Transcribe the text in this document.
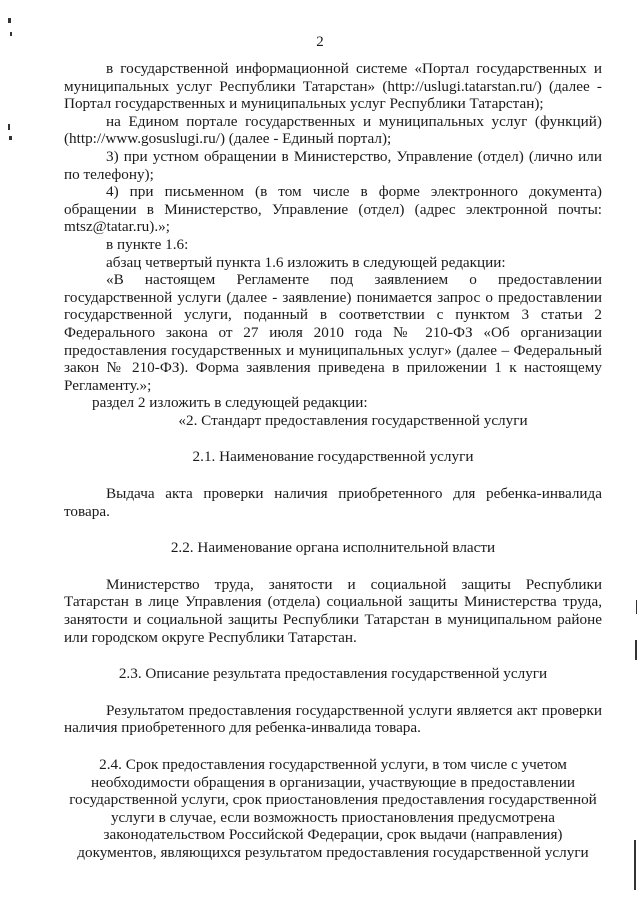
2

в государственной информационной системе «Портал государственных и муниципальных услуг Республики Татарстан» (http://uslugi.tatarstan.ru/) (далее - Портал государственных и муниципальных услуг Республики Татарстан);

на Едином портале государственных и муниципальных услуг (функций) (http://www.gosuslugi.ru/) (далее - Единый портал);

3) при устном обращении в Министерство, Управление (отдел) (лично или по телефону);

4) при письменном (в том числе в форме электронного документа) обращении в Министерство, Управление (отдел) (адрес электронной почты: mtsz@tatar.ru).»;

в пункте 1.6:

абзац четвертый пункта 1.6 изложить в следующей редакции:

«В настоящем Регламенте под заявлением о предоставлении государственной услуги (далее - заявление) понимается запрос о предоставлении государственной услуги, поданный в соответствии с пунктом 3 статьи 2 Федерального закона от 27 июля 2010 года № 210-ФЗ «Об организации предоставления государственных и муниципальных услуг» (далее – Федеральный закон № 210-ФЗ). Форма заявления приведена в приложении 1 к настоящему Регламенту.»;

раздел 2 изложить в следующей редакции:

«2. Стандарт предоставления государственной услуги

2.1. Наименование государственной услуги

Выдача акта проверки наличия приобретенного для ребенка-инвалида товара.

2.2. Наименование органа исполнительной власти

Министерство труда, занятости и социальной защиты Республики Татарстан в лице Управления (отдела) социальной защиты Министерства труда, занятости и социальной защиты Республики Татарстан в муниципальном районе или городском округе Республики Татарстан.

2.3. Описание результата предоставления государственной услуги

Результатом предоставления государственной услуги является акт проверки наличия приобретенного для ребенка-инвалида товара.

2.4. Срок предоставления государственной услуги, в том числе с учетом

необходимости обращения в организации, участвующие в предоставлении

государственной услуги, срок приостановления предоставления государственной

услуги в случае, если возможность приостановления предусмотрена

законодательством Российской Федерации, срок выдачи (направления)

документов, являющихся результатом предоставления государственной услуги
